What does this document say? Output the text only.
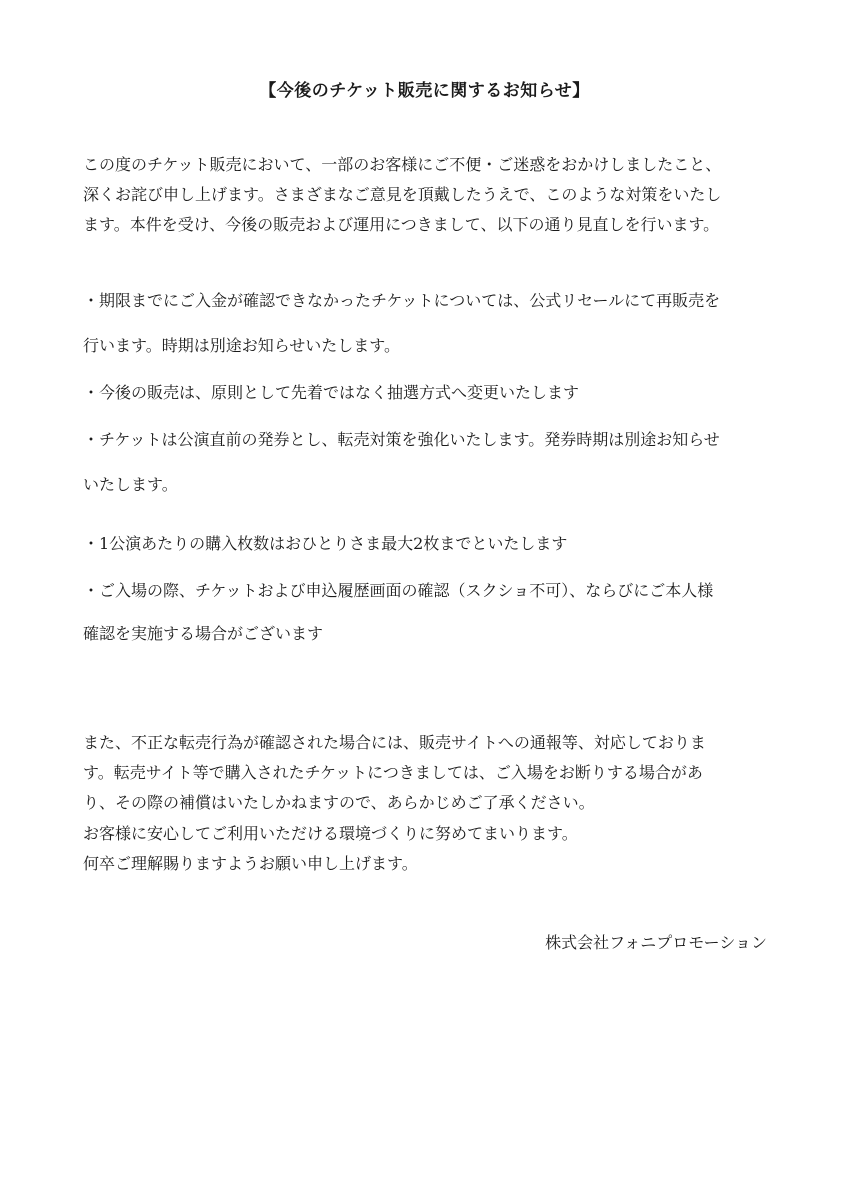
【今後のチケット販売に関するお知らせ】
この度のチケット販売において、一部のお客様にご不便・ご迷惑をおかけしましたこと、
深くお詫び申し上げます。さまざまなご意見を頂戴したうえで、このような対策をいたし
ます。本件を受け、今後の販売および運用につきまして、以下の通り見直しを行います。
・期限までにご入金が確認できなかったチケットについては、公式リセールにて再販売を
行います。時期は別途お知らせいたします。
・今後の販売は、原則として先着ではなく抽選方式へ変更いたします
・チケットは公演直前の発券とし、転売対策を強化いたします。発券時期は別途お知らせ
いたします。
・1公演あたりの購入枚数はおひとりさま最大2枚までといたします
・ご入場の際、チケットおよび申込履歴画面の確認（スクショ不可）、ならびにご本人様
確認を実施する場合がございます
また、不正な転売行為が確認された場合には、販売サイトへの通報等、対応しておりま
す。転売サイト等で購入されたチケットにつきましては、ご入場をお断りする場合があ
り、その際の補償はいたしかねますので、あらかじめご了承ください。
お客様に安心してご利用いただける環境づくりに努めてまいります。
何卒ご理解賜りますようお願い申し上げます。
株式会社フォニプロモーション
